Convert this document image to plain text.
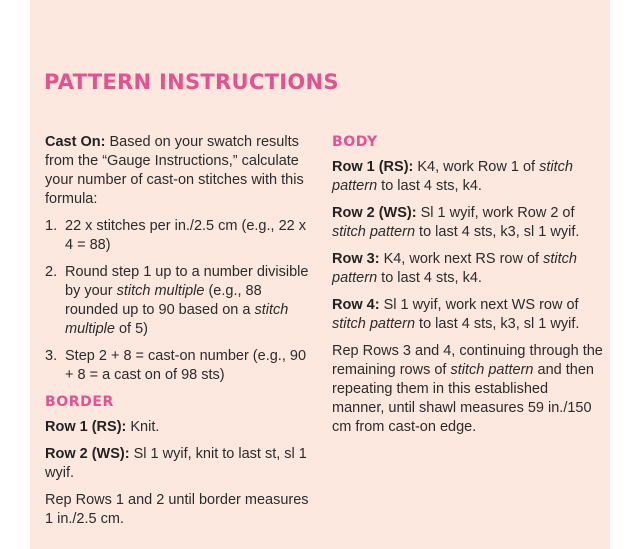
PATTERN INSTRUCTIONS

Cast On: Based on your swatch results from the “Gauge Instructions,” calculate your number of cast-on stitches with this formula:

1. 22 x stitches per in./2.5 cm (e.g., 22 x 4 = 88)
2. Round step 1 up to a number divisible by your stitch multiple (e.g., 88 rounded up to 90 based on a stitch multiple of 5)
3. Step 2 + 8 = cast-on number (e.g., 90 + 8 = a cast on of 98 sts)
BORDER

Row 1 (RS): Knit.

Row 2 (WS): Sl 1 wyif, knit to last st, sl 1 wyif.

Rep Rows 1 and 2 until border measures 1 in./2.5 cm.

BODY

Row 1 (RS): K4, work Row 1 of stitch pattern to last 4 sts, k4.

Row 2 (WS): Sl 1 wyif, work Row 2 of stitch pattern to last 4 sts, k3, sl 1 wyif.

Row 3: K4, work next RS row of stitch pattern to last 4 sts, k4.

Row 4: Sl 1 wyif, work next WS row of stitch pattern to last 4 sts, k3, sl 1 wyif.

Rep Rows 3 and 4, continuing through the remaining rows of stitch pattern and then repeating them in this established manner, until shawl measures 59 in./150 cm from cast-on edge.
